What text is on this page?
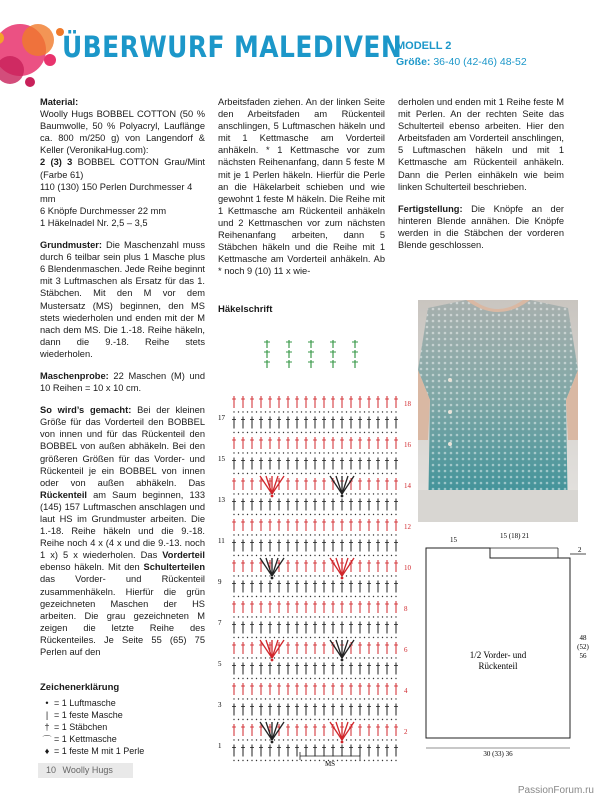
ÜBERWURF MALEDIVEN
MODELL 2
Größe: 36-40 (42-46) 48-52

Material:
Woolly Hugs BOBBEL COTTON (50 % Baumwolle, 50 % Polyacryl, Lauflänge ca. 800 m/250 g) von Langendorf & Keller (VeronikaHug.com):
2 (3) 3 BOBBEL COTTON Grau/Mint (Farbe 61)

110 (130) 150 Perlen Durchmesser 4 mm
6 Knöpfe Durchmesser 22 mm
1 Häkelnadel Nr. 2,5 – 3,5

Grundmuster: Die Maschenzahl muss durch 6 teilbar sein plus 1 Masche plus 6 Blendenmaschen. Jede Reihe beginnt mit 3 Luftmaschen als Ersatz für das 1. Stäbchen. Mit den M vor dem Mustersatz (MS) beginnen, den MS stets wiederholen und enden mit der M nach dem MS. Die 1.-18. Reihe häkeln, dann die 9.-18. Reihe stets wiederholen.

Maschenprobe: 22 Maschen (M) und 10 Reihen = 10 x 10 cm.

So wird’s gemacht: Bei der kleinen Größe für das Vorderteil den BOBBEL von innen und für das Rückenteil den BOBBEL von außen abhäkeln. Bei den größeren Größen für das Vorder- und Rückenteil je ein BOBBEL von innen oder von außen abhäkeln. Das Rückenteil am Saum beginnen, 133 (145) 157 Luftmaschen anschlagen und laut HS im Grundmuster arbeiten. Die 1.-18. Reihe häkeln und die 9.-18. Reihe noch 4 x (4 x und die 9.-13. noch 1 x) 5 x wiederholen. Das Vorderteil ebenso häkeln. Mit den Schulterteilen das Vorder- und Rückenteil zusammenhäkeln. Hierfür die grün gezeichneten Maschen der HS arbeiten. Die grau gezeichneten M zeigen die letzte Reihe des Rückenteiles. Je Seite 55 (65) 75 Perlen auf den

Arbeitsfaden ziehen. An der linken Seite den Arbeitsfaden am Rückenteil anschlingen, 5 Luftmaschen häkeln und mit 1 Kettmasche am Vorderteil anhäkeln. * 1 Kettmasche vor zum nächsten Reihenanfang, dann 5 feste M mit je 1 Perlen häkeln. Hierfür die Perle an die Häkelarbeit schieben und wie gewohnt 1 feste M häkeln. Die Reihe mit 1 Kettmasche am Rückenteil anhäkeln und 2 Kettmaschen vor zum nächsten Reihenanfang arbeiten, dann 5 Stäbchen häkeln und die Reihe mit 1 Kettmasche am Vorderteil anhäkeln. Ab * noch 9 (10) 11 x wie-

derholen und enden mit 1 Reihe feste M mit Perlen. An der rechten Seite das Schulterteil ebenso arbeiten. Hier den Arbeitsfaden am Vorderteil anschlingen, 5 Luftmaschen häkeln und mit 1 Kettmasche am Rückenteil anhäkeln. Dann die Perlen einhäkeln wie beim linken Schulterteil beschrieben.

Fertigstellung: Die Knöpfe an der hinteren Blende annähen. Die Knöpfe werden in die Stäbchen der vorderen Blende geschlossen.

Häkelschrift
17
15
13
11
9
7
5
3
1
18
16
14
12
10
8
6
4
2
MS
15	15 (18) 21
2
48 (52) 56
1/2 Vorder- und Rückenteil
30 (33) 36
Zeichenerklärung
• = 1 Luftmasche
| = 1 feste Masche
† = 1 Stäbchen
⌒ = 1 Kettmasche
♦ = 1 feste M mit 1 Perle
10 Woolly Hugs
PassionForum.ru
